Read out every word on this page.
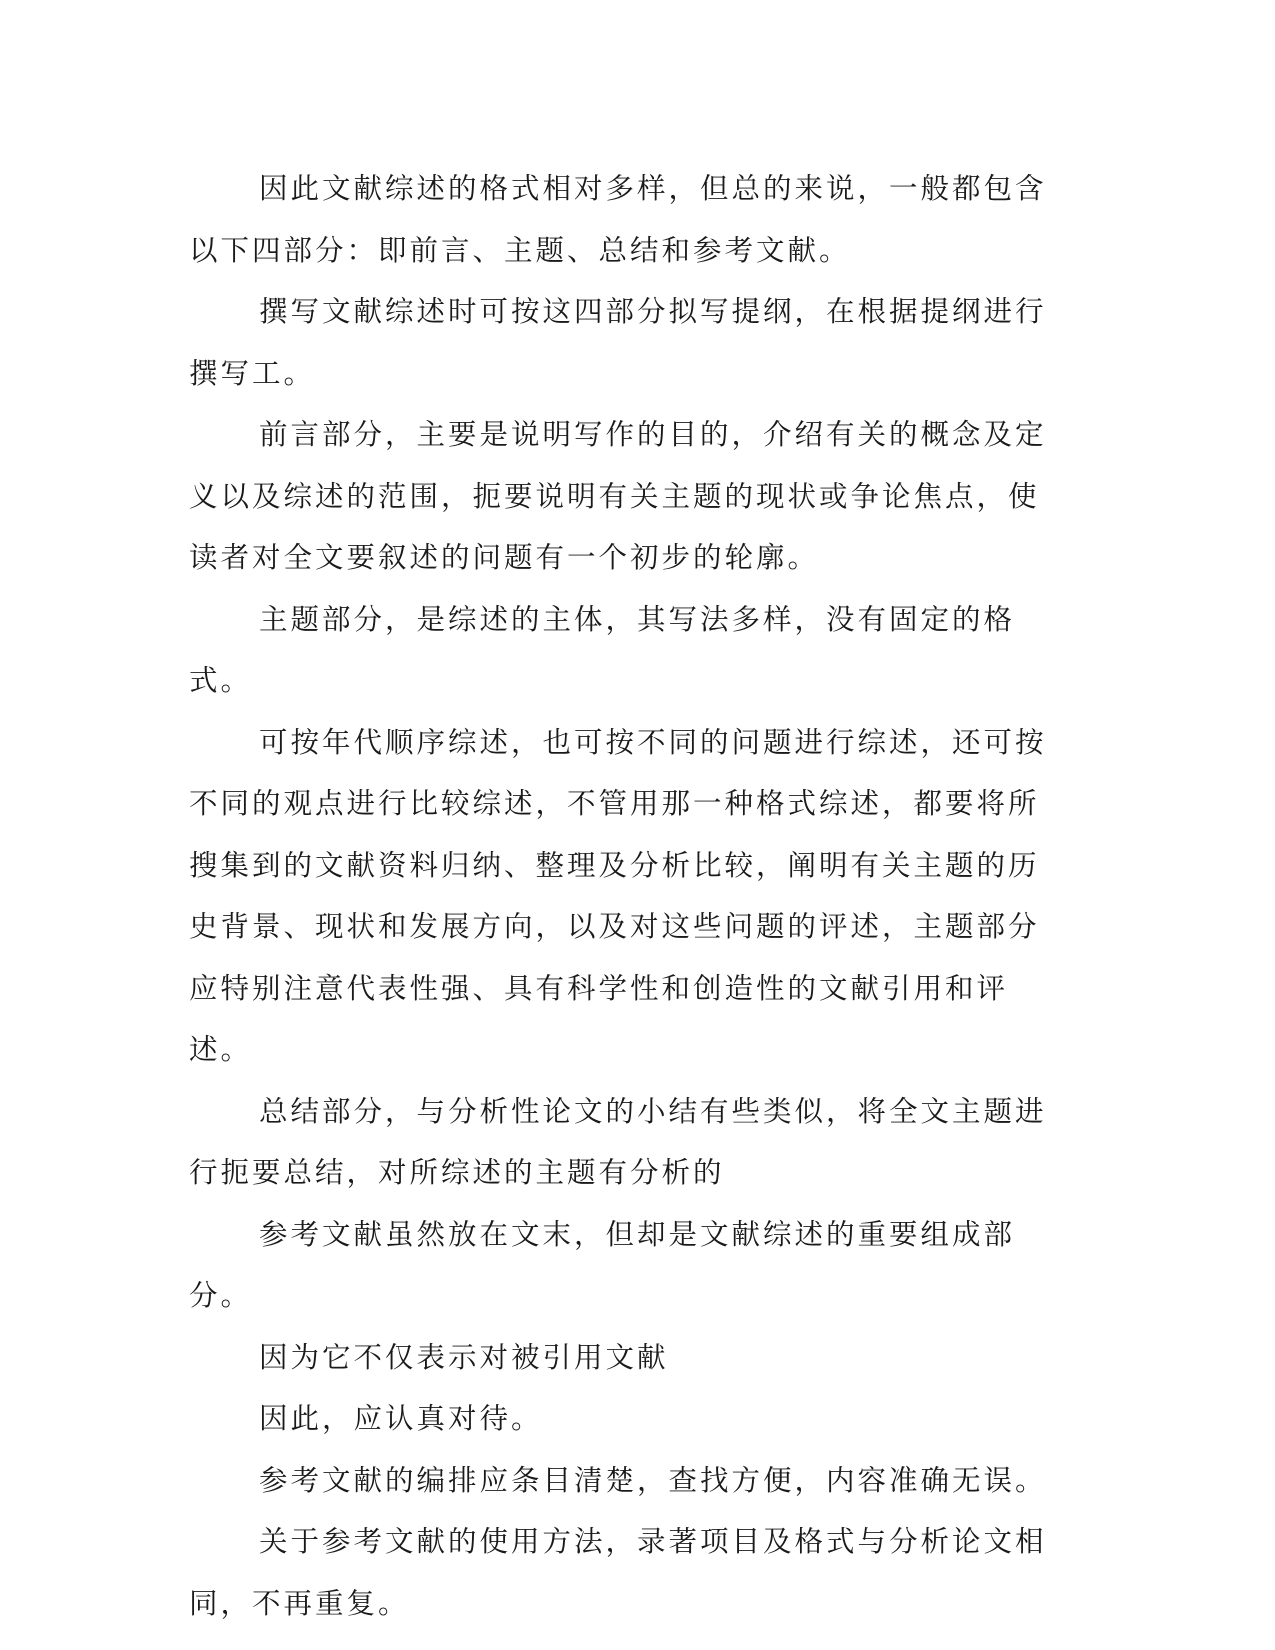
因此文献综述的格式相对多样，但总的来说，一般都包含以下四部分：即前言、主题、总结和参考文献。

撰写文献综述时可按这四部分拟写提纲，在根据提纲进行撰写工。

前言部分，主要是说明写作的目的，介绍有关的概念及定义以及综述的范围，扼要说明有关主题的现状或争论焦点，使读者对全文要叙述的问题有一个初步的轮廓。

主题部分，是综述的主体，其写法多样，没有固定的格式。

可按年代顺序综述，也可按不同的问题进行综述，还可按不同的观点进行比较综述，不管用那一种格式综述，都要将所搜集到的文献资料归纳、整理及分析比较，阐明有关主题的历史背景、现状和发展方向，以及对这些问题的评述，主题部分应特别注意代表性强、具有科学性和创造性的文献引用和评述。

总结部分，与分析性论文的小结有些类似，将全文主题进行扼要总结，对所综述的主题有分析的

参考文献虽然放在文末，但却是文献综述的重要组成部分。

因为它不仅表示对被引用文献

因此，应认真对待。

参考文献的编排应条目清楚，查找方便，内容准确无误。

关于参考文献的使用方法，录著项目及格式与分析论文相同，不再重复。
